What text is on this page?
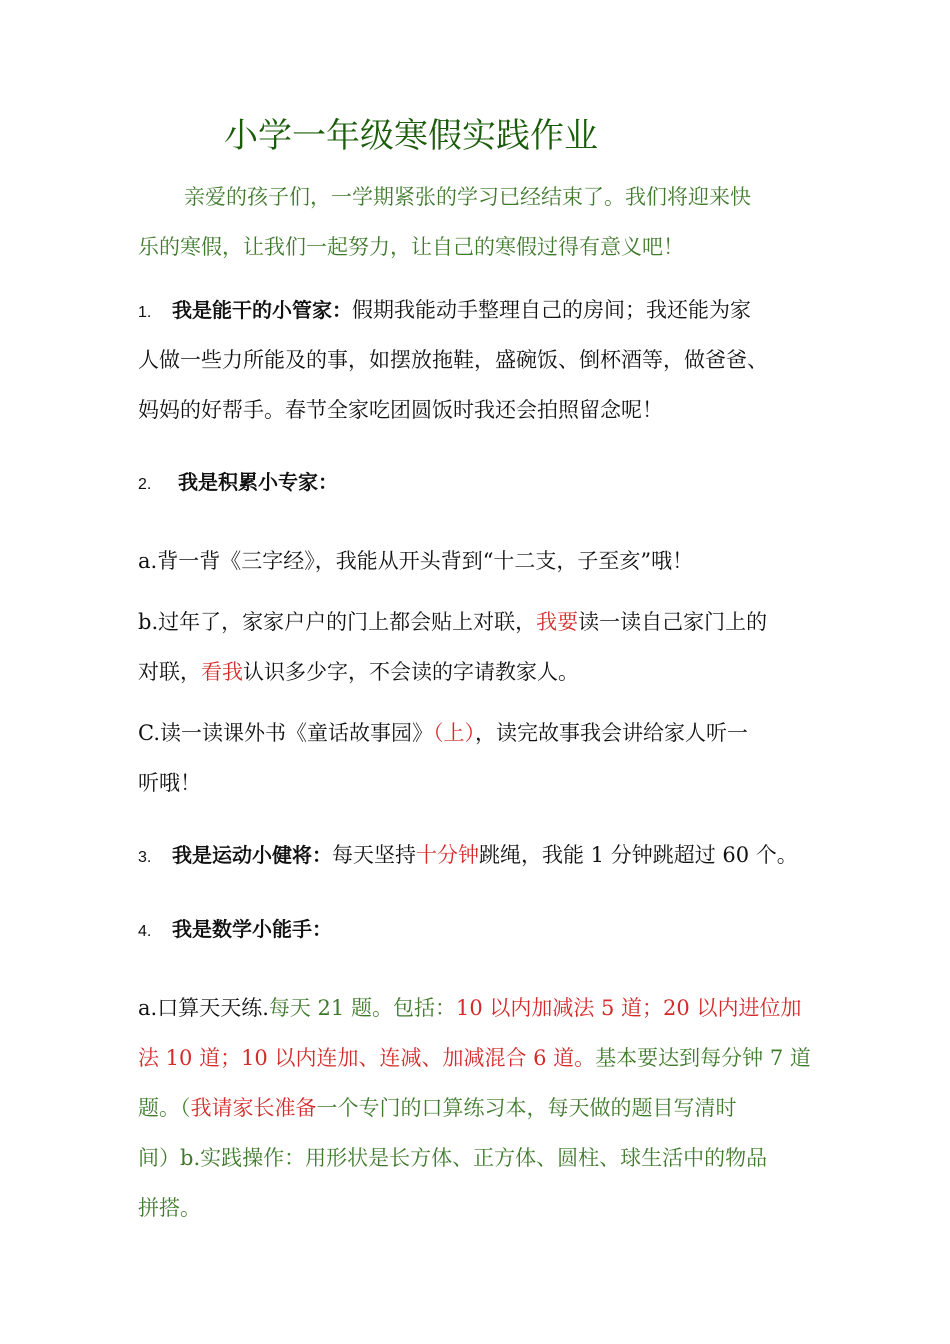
小学一年级寒假实践作业
亲爱的孩子们，一学期紧张的学习已经结束了。我们将迎来快
乐的寒假，让我们一起努力，让自己的寒假过得有意义吧！
1. 我是能干的小管家：假期我能动手整理自己的房间；我还能为家
人做一些力所能及的事，如摆放拖鞋，盛碗饭、倒杯酒等，做爸爸、
妈妈的好帮手。春节全家吃团圆饭时我还会拍照留念呢！
2. 我是积累小专家：
a.背一背《三字经》，我能从开头背到“十二支，子至亥”哦！
b.过年了，家家户户的门上都会贴上对联，我要读一读自己家门上的
对联，看我认识多少字，不会读的字请教家人。
C.读一读课外书《童话故事园》（上），读完故事我会讲给家人听一
听哦！
3. 我是运动小健将：每天坚持十分钟跳绳，我能 1 分钟跳超过 60 个。
4. 我是数学小能手：
a.口算天天练.每天 21 题。包括：10 以内加减法 5 道；20 以内进位加
法 10 道；10 以内连加、连减、加减混合 6 道。基本要达到每分钟 7 道
题。（我请家长准备一个专门的口算练习本，每天做的题目写清时
间）b.实践操作：用形状是长方体、正方体、圆柱、球生活中的物品
拼搭。
